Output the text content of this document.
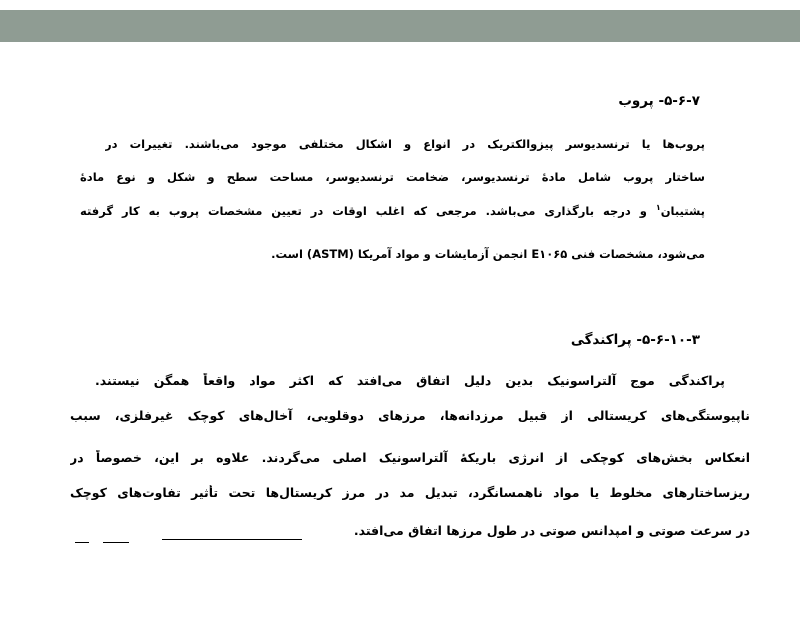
۵-۶-۷- پروب
پروب‌ها یا ترنسدیوسر پیزوالکتریک در انواع و اشکال مختلفی موجود می‌باشند. تغییرات در
ساختار پروب شامل مادهٔ ترنسدیوسر، ضخامت ترنسدیوسر، مساحت سطح و شکل و نوع مادهٔ
پشتیبان$^۱$ و درجه بارگذاری می‌باشد. مرجعی که اغلب اوقات در تعیین مشخصات پروب به کار گرفته
می‌شود، مشخصات فنی E۱۰۶۵ انجمن آزمایشات و مواد آمریکا (ASTM) است.
۵-۶-۱۰-۳- پراکندگی
پراکندگی موج آلتراسونیک بدین دلیل اتفاق می‌افتد که اکثر مواد واقعاً همگن نیستند.
ناپیوستگی‌های کریستالی از قبیل مرزدانه‌ها، مرزهای دوقلویی، آخال‌های کوچک غیرفلزی، سبب
انعکاس بخش‌های کوچکی از انرژی باریکهٔ آلتراسونیک اصلی می‌گردند. علاوه بر این، خصوصاً در
ریزساختارهای مخلوط یا مواد ناهمسانگرد، تبدیل مد در مرز کریستال‌ها تحت تأثیر تفاوت‌های کوچک
در سرعت صوتی و امپدانس صوتی در طول مرزها اتفاق می‌افتد.
